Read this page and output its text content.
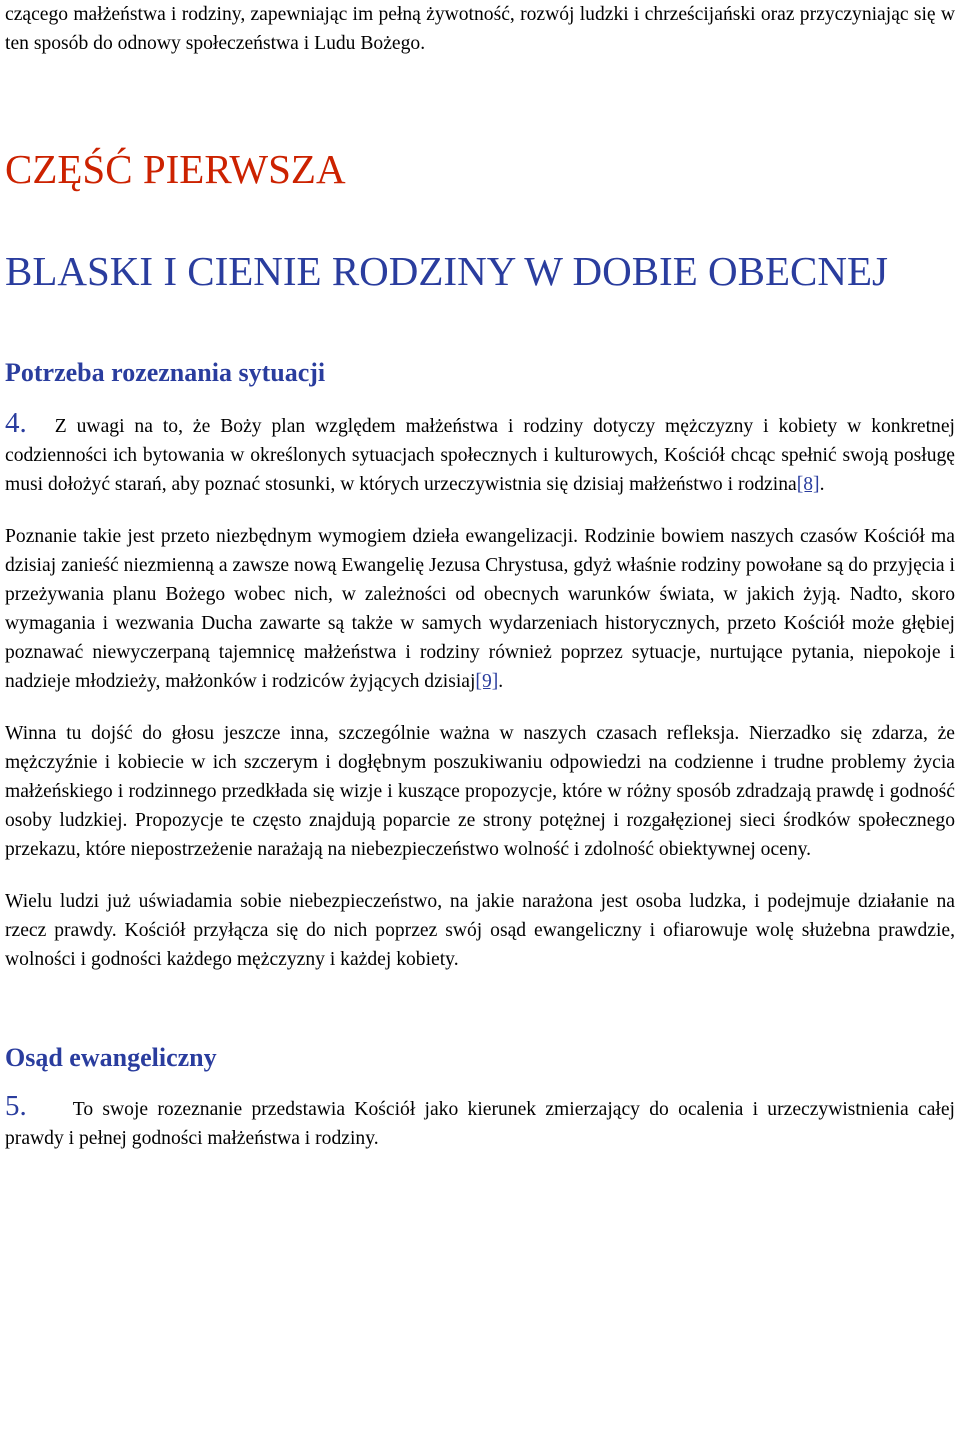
czącego małżeństwa i rodziny, zapewniając im pełną żywotność, rozwój ludzki i chrześcijański oraz przyczyniając się w ten sposób do odnowy społeczeństwa i Ludu Bożego.

CZĘŚĆ PIERWSZA
BLASKI I CIENIE RODZINY W DOBIE OBECNEJ
Potrzeba rozeznania sytuacji

4. Z uwagi na to, że Boży plan względem małżeństwa i rodziny dotyczy mężczyzny i kobiety w konkretnej codzienności ich bytowania w określonych sytuacjach społecznych i kulturowych, Kościół chcąc spełnić swoją posługę musi dołożyć starań, aby poznać stosunki, w których urzeczywistnia się dzisiaj małżeństwo i rodzina[8].

Poznanie takie jest przeto niezbędnym wymogiem dzieła ewangelizacji. Rodzinie bowiem naszych czasów Kościół ma dzisiaj zanieść niezmienną a zawsze nową Ewangelię Jezusa Chrystusa, gdyż właśnie rodziny powołane są do przyjęcia i przeżywania planu Bożego wobec nich, w zależności od obecnych warunków świata, w jakich żyją. Nadto, skoro wymagania i wezwania Ducha zawarte są także w samych wydarzeniach historycznych, przeto Kościół może głębiej poznawać niewyczerpaną tajemnicę małżeństwa i rodziny również poprzez sytuacje, nurtujące pytania, niepokoje i nadzieje młodzieży, małżonków i rodziców żyjących dzisiaj[9].

Winna tu dojść do głosu jeszcze inna, szczególnie ważna w naszych czasach refleksja. Nierzadko się zdarza, że mężczyźnie i kobiecie w ich szczerym i dogłębnym poszukiwaniu odpowiedzi na codzienne i trudne problemy życia małżeńskiego i rodzinnego przedkłada się wizje i kuszące propozycje, które w różny sposób zdradzają prawdę i godność osoby ludzkiej. Propozycje te często znajdują poparcie ze strony potężnej i rozgałęzionej sieci środków społecznego przekazu, które niepostrzeżenie narażają na niebezpieczeństwo wolność i zdolność obiektywnej oceny.

Wielu ludzi już uświadamia sobie niebezpieczeństwo, na jakie narażona jest osoba ludzka, i podejmuje działanie na rzecz prawdy. Kościół przyłącza się do nich poprzez swój osąd ewangeliczny i ofiarowuje wolę służebna prawdzie, wolności i godności każdego mężczyzny i każdej kobiety.

Osąd ewangeliczny

5. To swoje rozeznanie przedstawia Kościół jako kierunek zmierzający do ocalenia i urzeczywistnienia całej prawdy i pełnej godności małżeństwa i rodziny.
